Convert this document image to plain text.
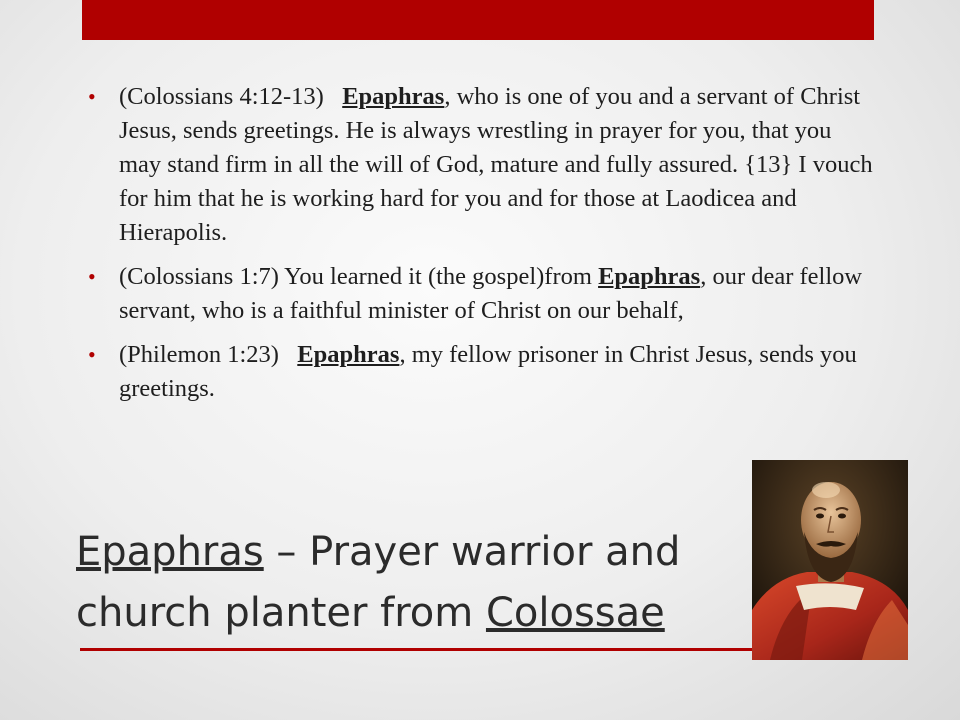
• (Colossians 4:12-13) Epaphras, who is one of you and a servant of Christ Jesus, sends greetings. He is always wrestling in prayer for you, that you may stand firm in all the will of God, mature and fully assured. {13} I vouch for him that he is working hard for you and for those at Laodicea and Hierapolis.
• (Colossians 1:7) You learned it (the gospel)from Epaphras, our dear fellow servant, who is a faithful minister of Christ on our behalf,
• (Philemon 1:23) Epaphras, my fellow prisoner in Christ Jesus, sends you greetings.
Epaphras – Prayer warrior and
church planter from Colossae
